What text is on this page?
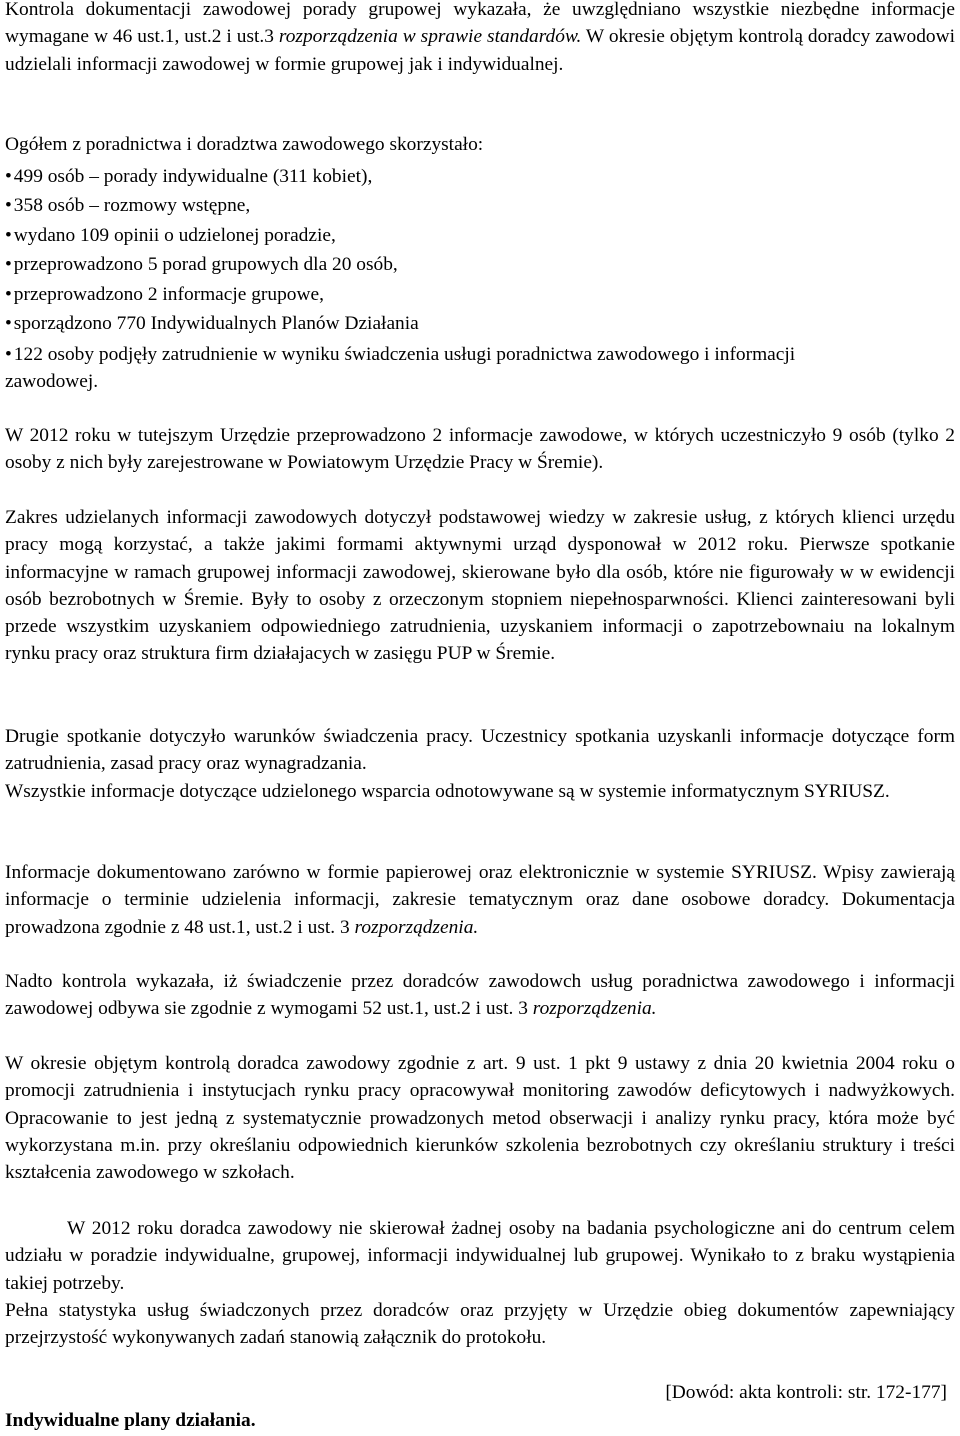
Kontrola dokumentacji zawodowej porady grupowej wykazała, że uwzględniano wszystkie niezbędne informacje wymagane w 46 ust.1, ust.2 i ust.3 rozporządzenia w sprawie standardów. W okresie objętym kontrolą doradcy zawodowi udzielali informacji zawodowej w formie grupowej jak i indywidualnej.

Ogółem z poradnictwa i doradztwa zawodowego skorzystało:

• 499 osób – porady indywidualne (311 kobiet),

• 358 osób – rozmowy wstępne,

• wydano 109 opinii o udzielonej poradzie,

• przeprowadzono 5 porad grupowych dla 20 osób,

• przeprowadzono 2 informacje grupowe,

• sporządzono 770 Indywidualnych Planów Działania

• 122 osoby podjęły zatrudnienie w wyniku świadczenia usługi poradnictwa zawodowego i informacji zawodowej.

W 2012 roku w tutejszym Urzędzie przeprowadzono 2 informacje zawodowe, w których uczestniczyło 9 osób (tylko 2 osoby z nich były zarejestrowane w Powiatowym Urzędzie Pracy w Śremie).

Zakres udzielanych informacji zawodowych dotyczył podstawowej wiedzy w zakresie usług, z których klienci urzędu pracy mogą korzystać, a także jakimi formami aktywnymi urząd dysponował w 2012 roku. Pierwsze spotkanie informacyjne w ramach grupowej informacji zawodowej, skierowane było dla osób, które nie figurowały w w ewidencji osób bezrobotnych w Śremie. Były to osoby z orzeczonym stopniem niepełnosparwności. Klienci zainteresowani byli przede wszystkim uzyskaniem odpowiedniego zatrudnienia, uzyskaniem informacji o zapotrzebownaiu na lokalnym rynku pracy oraz struktura firm działajacych w zasięgu PUP w Śremie.

Drugie spotkanie dotyczyło warunków świadczenia pracy. Uczestnicy spotkania uzyskanli informacje dotyczące form zatrudnienia, zasad pracy oraz wynagradzania.

Wszystkie informacje dotyczące udzielonego wsparcia odnotowywane są w systemie informatycznym SYRIUSZ.

Informacje dokumentowano zarówno w formie papierowej oraz elektronicznie w systemie SYRIUSZ. Wpisy zawierają informacje o terminie udzielenia informacji, zakresie tematycznym oraz dane osobowe doradcy. Dokumentacja prowadzona zgodnie z 48 ust.1, ust.2 i ust. 3 rozporządzenia.

Nadto kontrola wykazała, iż świadczenie przez doradców zawodowch usług poradnictwa zawodowego i informacji zawodowej odbywa sie zgodnie z wymogami 52 ust.1, ust.2 i ust. 3 rozporządzenia.

W okresie objętym kontrolą doradca zawodowy zgodnie z art. 9 ust. 1 pkt 9 ustawy z dnia 20 kwietnia 2004 roku o promocji zatrudnienia i instytucjach rynku pracy opracowywał monitoring zawodów deficytowych i nadwyżkowych. Opracowanie to jest jedną z systematycznie prowadzonych metod obserwacji i analizy rynku pracy, która może być wykorzystana m.in. przy określaniu odpowiednich kierunków szkolenia bezrobotnych czy określaniu struktury i treści kształcenia zawodowego w szkołach.

W 2012 roku doradca zawodowy nie skierował żadnej osoby na badania psychologiczne ani do centrum celem udziału w poradzie indywidualne, grupowej, informacji indywidualnej lub grupowej. Wynikało to z braku wystąpienia takiej potrzeby.

Pełna statystyka usług świadczonych przez doradców oraz przyjęty w Urzędzie obieg dokumentów zapewniający przejrzystość wykonywanych zadań stanowią załącznik do protokołu.

[Dowód: akta kontroli: str. 172-177]

Indywidualne plany działania.
